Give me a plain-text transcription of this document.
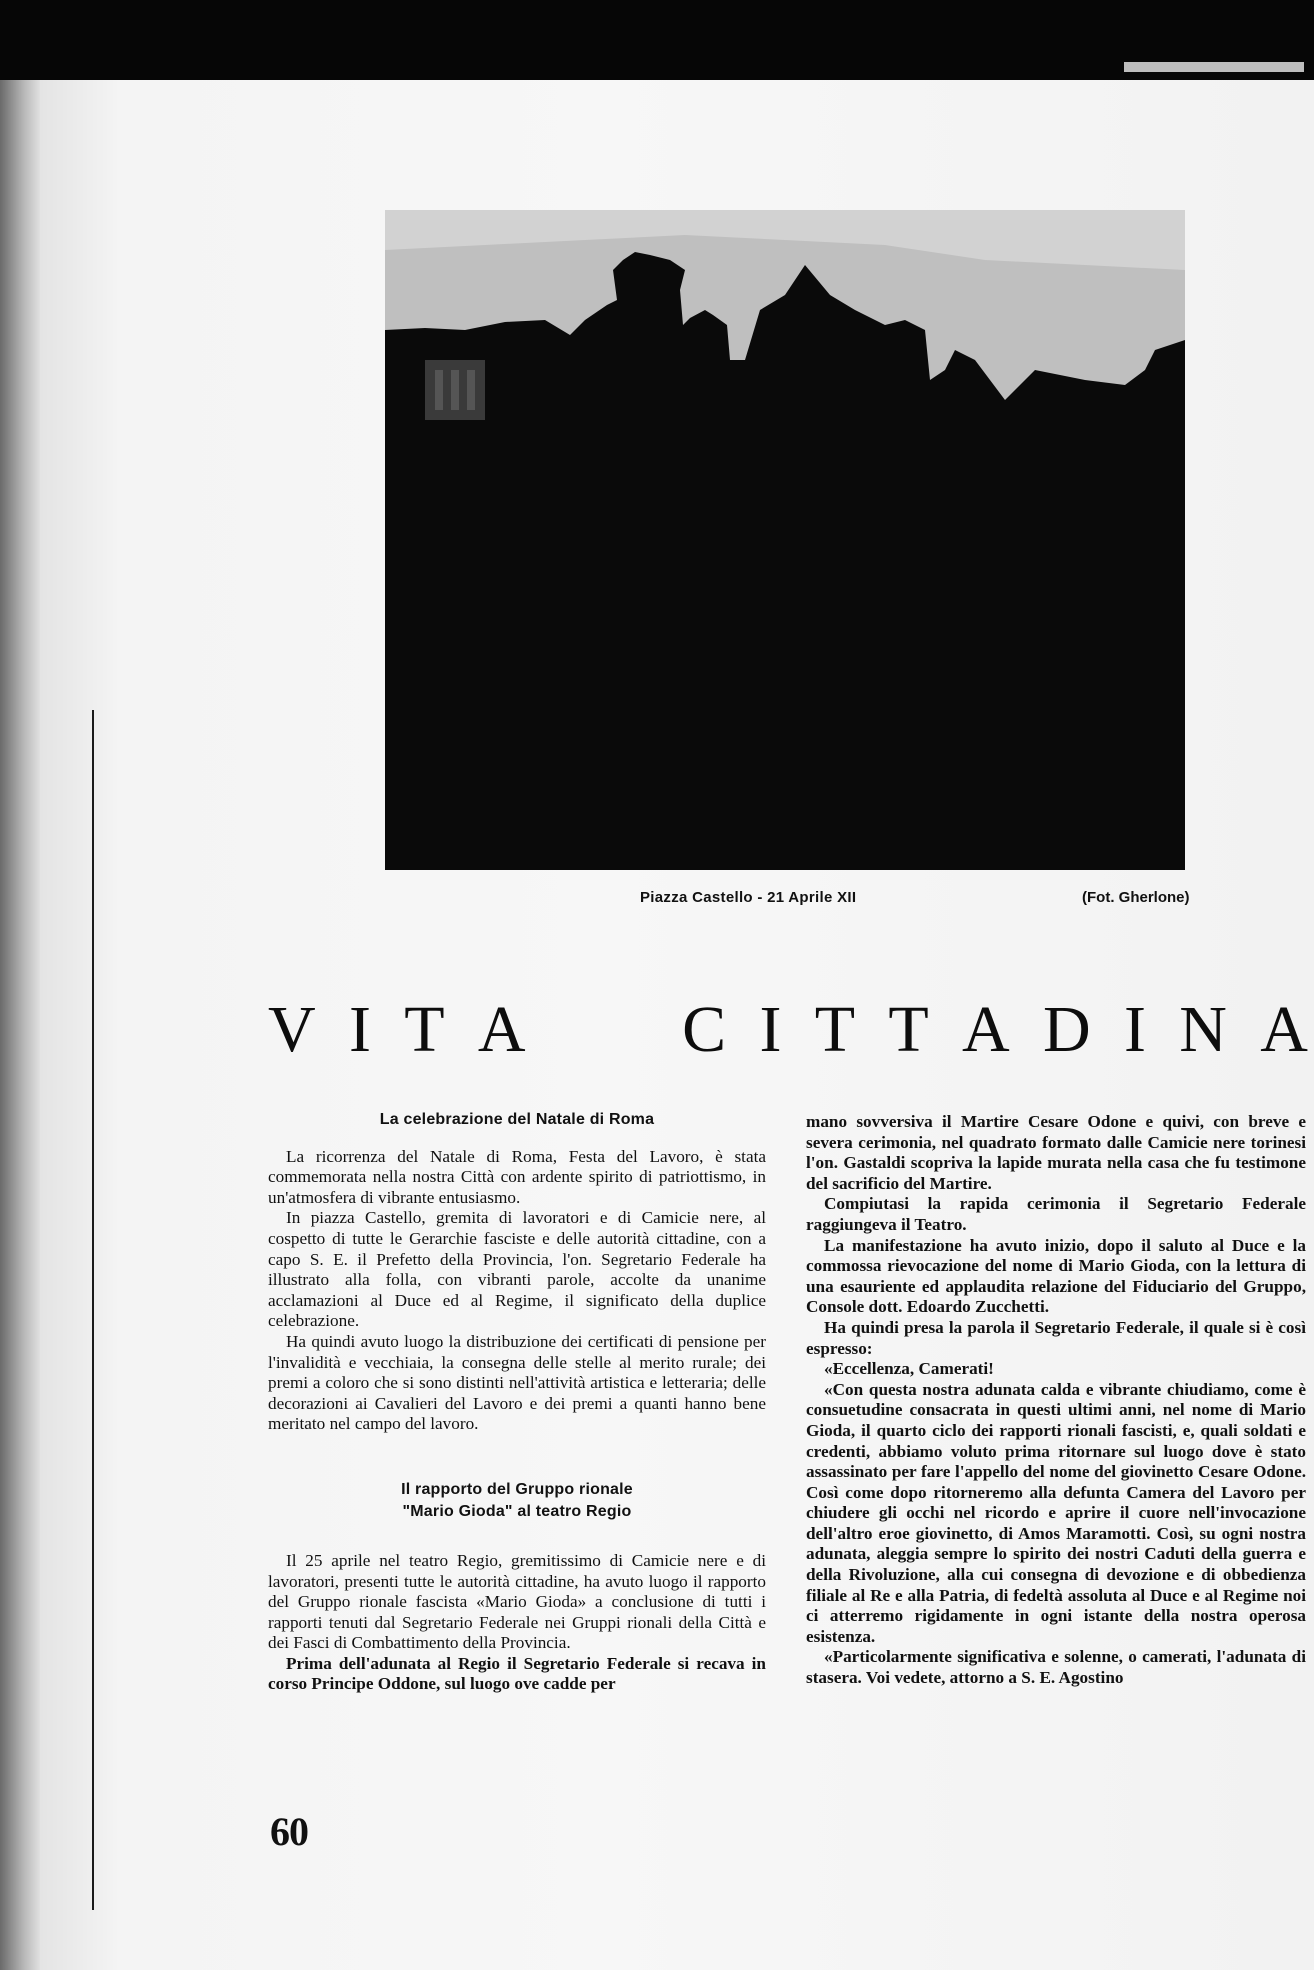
Piazza Castello - 21 Aprile XII	(Fot. Gherlone)
V I T A C I T T A D I N A
La celebrazione del Natale di Roma

La ricorrenza del Natale di Roma, Festa del Lavoro, è stata commemorata nella nostra Città con ardente spirito di patriottismo, in un'atmosfera di vibrante entusiasmo.

In piazza Castello, gremita di lavoratori e di Camicie nere, al cospetto di tutte le Gerarchie fasciste e delle autorità cittadine, con a capo S. E. il Prefetto della Provincia, l'on. Segretario Federale ha illustrato alla folla, con vibranti parole, accolte da unanime acclamazioni al Duce ed al Regime, il significato della duplice celebrazione.

Ha quindi avuto luogo la distribuzione dei certificati di pensione per l'invalidità e vecchiaia, la consegna delle stelle al merito rurale; dei premi a coloro che si sono distinti nell'attività artistica e letteraria; delle decorazioni ai Cavalieri del Lavoro e dei premi a quanti hanno bene meritato nel campo del lavoro.

Il rapporto del Gruppo rionale
"Mario Gioda" al teatro Regio

Il 25 aprile nel teatro Regio, gremitissimo di Camicie nere e di lavoratori, presenti tutte le autorità cittadine, ha avuto luogo il rapporto del Gruppo rionale fascista «Mario Gioda» a conclusione di tutti i rapporti tenuti dal Segretario Federale nei Gruppi rionali della Città e dei Fasci di Combattimento della Provincia.

Prima dell'adunata al Regio il Segretario Federale si recava in corso Principe Oddone, sul luogo ove cadde per

mano sovversiva il Martire Cesare Odone e quivi, con breve e severa cerimonia, nel quadrato formato dalle Camicie nere torinesi l'on. Gastaldi scopriva la lapide murata nella casa che fu testimone del sacrificio del Martire.

Compiutasi la rapida cerimonia il Segretario Federale raggiungeva il Teatro.

La manifestazione ha avuto inizio, dopo il saluto al Duce e la commossa rievocazione del nome di Mario Gioda, con la lettura di una esauriente ed applaudita relazione del Fiduciario del Gruppo, Console dott. Edoardo Zucchetti.

Ha quindi presa la parola il Segretario Federale, il quale si è così espresso:

«Eccellenza, Camerati!

«Con questa nostra adunata calda e vibrante chiudiamo, come è consuetudine consacrata in questi ultimi anni, nel nome di Mario Gioda, il quarto ciclo dei rapporti rionali fascisti, e, quali soldati e credenti, abbiamo voluto prima ritornare sul luogo dove è stato assassinato per fare l'appello del nome del giovinetto Cesare Odone. Così come dopo ritorneremo alla defunta Camera del Lavoro per chiudere gli occhi nel ricordo e aprire il cuore nell'invocazione dell'altro eroe giovinetto, di Amos Maramotti. Così, su ogni nostra adunata, aleggia sempre lo spirito dei nostri Caduti della guerra e della Rivoluzione, alla cui consegna di devozione e di obbedienza filiale al Re e alla Patria, di fedeltà assoluta al Duce e al Regime noi ci atterremo rigidamente in ogni istante della nostra operosa esistenza.

«Particolarmente significativa e solenne, o camerati, l'adunata di stasera. Voi vedete, attorno a S. E. Agostino

60
